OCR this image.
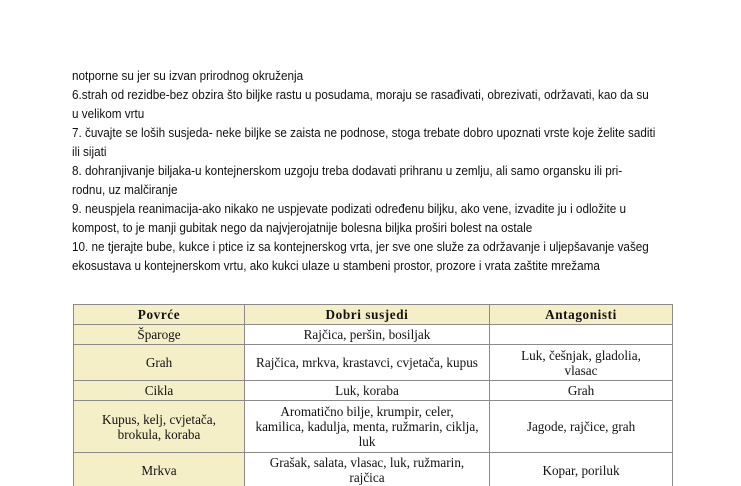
notporne su jer su izvan prirodnog okruženja
6.strah od rezidbe-bez obzira što biljke rastu u posudama, moraju se rasađivati, obrezivati, održavati, kao da su
u velikom vrtu
7. čuvajte se loših susjeda- neke biljke se zaista ne podnose, stoga trebate dobro upoznati vrste koje želite saditi
ili sijati
8. dohranjivanje biljaka-u kontejnerskom uzgoju treba dodavati prihranu u zemlju, ali samo organsku ili pri-
rodnu, uz malčiranje
9. neuspjela reanimacija-ako nikako ne uspjevate podizati određenu biljku, ako vene, izvadite ju i odložite u
kompost, to je manji gubitak nego da najvjerojatnije bolesna biljka proširi bolest na ostale
10. ne tjerajte bube, kukce i ptice iz sa kontejnerskog vrta, jer sve one služe za održavanje i uljepšavanje vašeg
ekosustava u kontejnerskom vrtu, ako kukci ulaze u stambeni prostor, prozore i vrata zaštite mrežama
Povrće	Dobri susjedi	Antagonisti
Šparoge	Rajčica, peršin, bosiljak	
Grah	Rajčica, mrkva, krastavci, cvjetača, kupus	Luk, češnjak, gladolia,
vlasac
Cikla	Luk, koraba	Grah
Kupus, kelj, cvjetača,
brokula, koraba	Aromatično bilje, krumpir, celer,
kamilica, kadulja, menta, ružmarin, ciklja,
luk	Jagode, rajčice, grah
Mrkva	Grašak, salata, vlasac, luk, ružmarin,
rajčica	Kopar, poriluk
